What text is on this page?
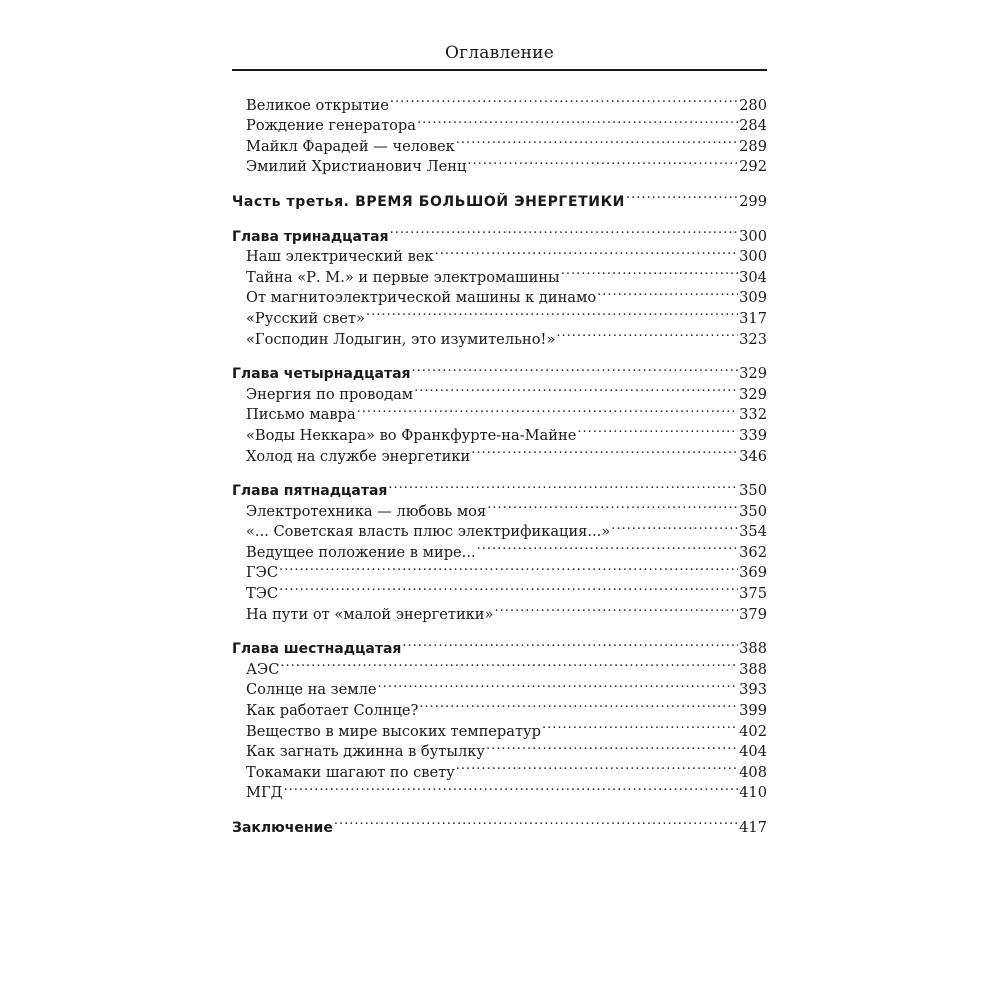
Оглавление
Великое открытие .....	280
Рождение генератора .....	284
Майкл Фарадей — человек .....	289
Эмилий Христианович Ленц .....	292
Часть третья. ВРЕМЯ БОЛЬШОЙ ЭНЕРГЕТИКИ .....	299
Глава тринадцатая .....	300
Наш электрический век .....	300
Тайна «Р. М.» и первые электромашины .....	304
От магнитоэлектрической машины к динамо .....	309
«Русский свет» .....	317
«Господин Лодыгин, это изумительно!» .....	323
Глава четырнадцатая .....	329
Энергия по проводам .....	329
Письмо мавра .....	332
«Воды Неккара» во Франкфурте-на-Майне .....	339
Холод на службе энергетики .....	346
Глава пятнадцатая .....	350
Электротехника — любовь моя .....	350
«... Советская власть плюс электрификация...» .....	354
Ведущее положение в мире... .....	362
ГЭС .....	369
ТЭС .....	375
На пути от «малой энергетики» .....	379
Глава шестнадцатая .....	388
АЭС .....	388
Солнце на земле .....	393
Как работает Солнце? .....	399
Вещество в мире высоких температур .....	402
Как загнать джинна в бутылку .....	404
Токамаки шагают по свету .....	408
МГД .....	410
Заключение .....	417
